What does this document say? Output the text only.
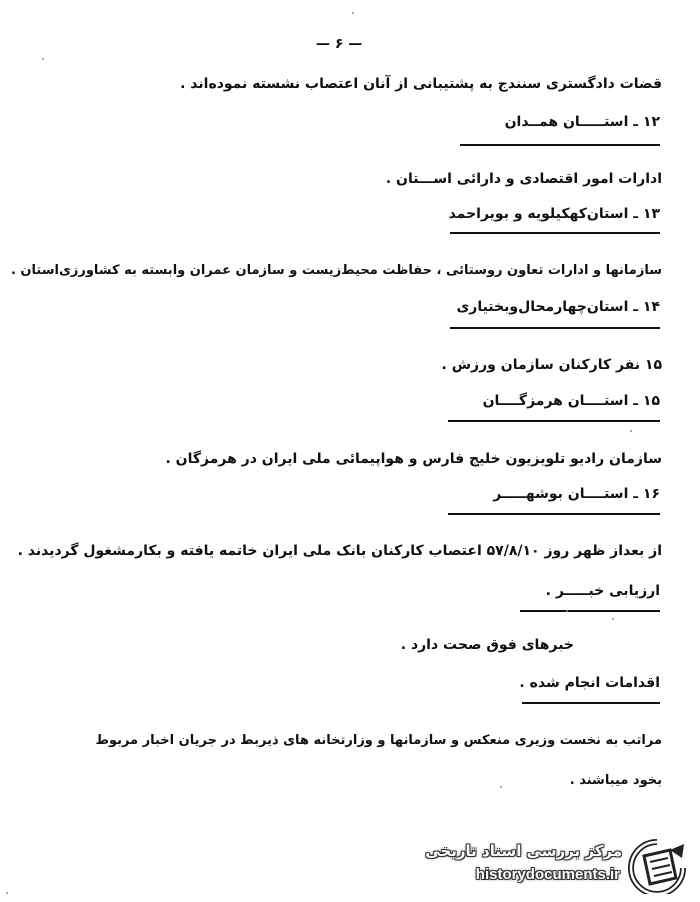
— ۶ —
قضات دادگستری سنندج به پشتیبانی از آنان اعتصاب نشسته نموده‌اند .
۱۲ ـ استـــــان همــدان
ادارات امور اقتصادی و دارائی اســـتان .
۱۳ ـ استان‌کهکیلویه و بویراحمد
سازمانها و ادارات تعاون روستائی ، حفاظت محیط‌زیست و سازمان عمران وابسته به کشاورزی‌استان .
۱۴ ـ استان‌چهارمحال‌وبختیاری
۱۵ نفر کارکنان سازمان ورزش .
۱۵ ـ استــــان هرمزگــــان
سازمان رادیو تلویزیون خلیج فارس و هواپیمائی ملی ایران در هرمزگان .
۱۶ ـ استــــان بوشهـــــر
از بعداز ظهر روز ۵۷/۸/۱۰ اعتصاب کارکنان بانک ملی ایران خاتمه یافته و بکارمشغول گردیدند .
ارزیابی خبـــــر .
خبرهای فوق صحت دارد .
اقدامات انجام شده .
مراتب به نخست وزیری منعکس و سازمانها و وزارتخانه های ذیربط در جریان اخبار مربوط
بخود میباشند .
مرکز بررسی اسناد تاریخی
historydocuments.ir
